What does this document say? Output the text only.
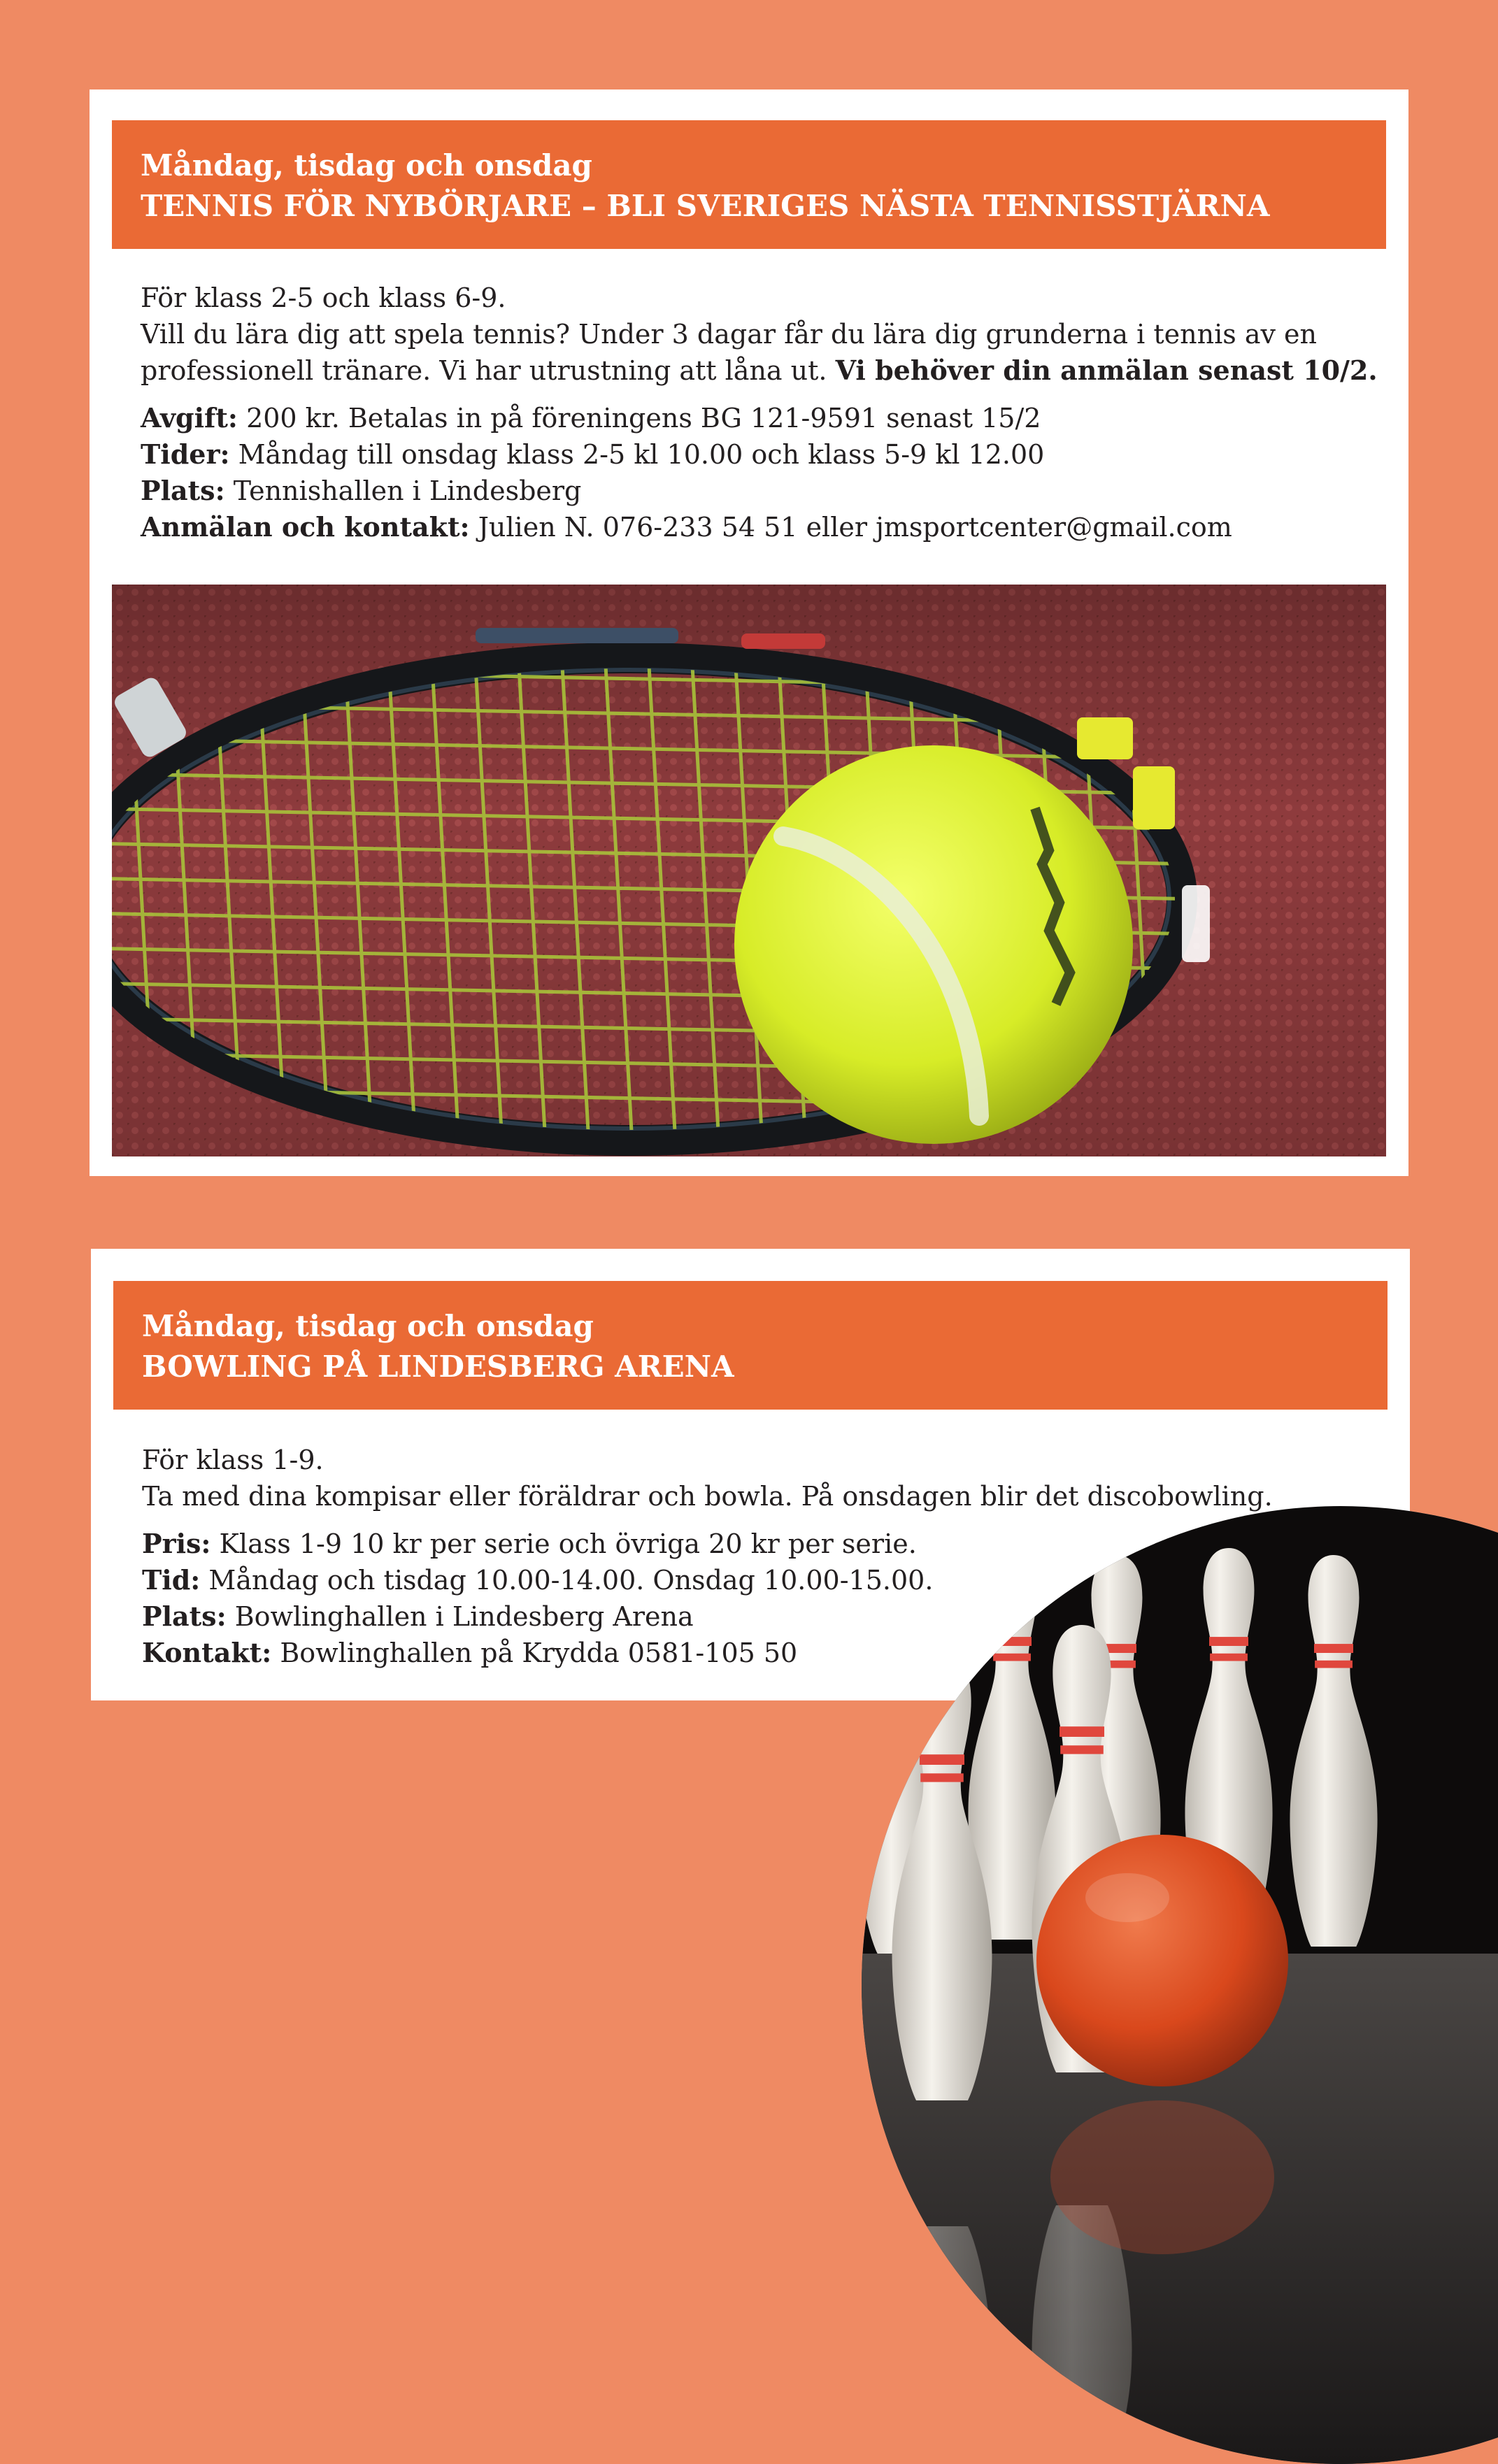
Måndag, tisdag och onsdag
TENNIS FÖR NYBÖRJARE – BLI SVERIGES NÄSTA TENNISSTJÄRNA

För klass 2-5 och klass 6-9.

Vill du lära dig att spela tennis? Under 3 dagar får du lära dig grunderna i tennis av en

professionell tränare. Vi har utrustning att låna ut. Vi behöver din anmälan senast 10/2.

Avgift: 200 kr. Betalas in på föreningens BG 121-9591 senast 15/2

Tider: Måndag till onsdag klass 2-5 kl 10.00 och klass 5-9 kl 12.00

Plats: Tennishallen i Lindesberg

Anmälan och kontakt: Julien N. 076-233 54 51 eller jmsportcenter@gmail.com

Måndag, tisdag och onsdag
BOWLING PÅ LINDESBERG ARENA

För klass 1-9.

Ta med dina kompisar eller föräldrar och bowla. På onsdagen blir det discobowling.

Pris: Klass 1-9 10 kr per serie och övriga 20 kr per serie.

Tid: Måndag och tisdag 10.00-14.00. Onsdag 10.00-15.00.

Plats: Bowlinghallen i Lindesberg Arena

Kontakt: Bowlinghallen på Krydda 0581-105 50
